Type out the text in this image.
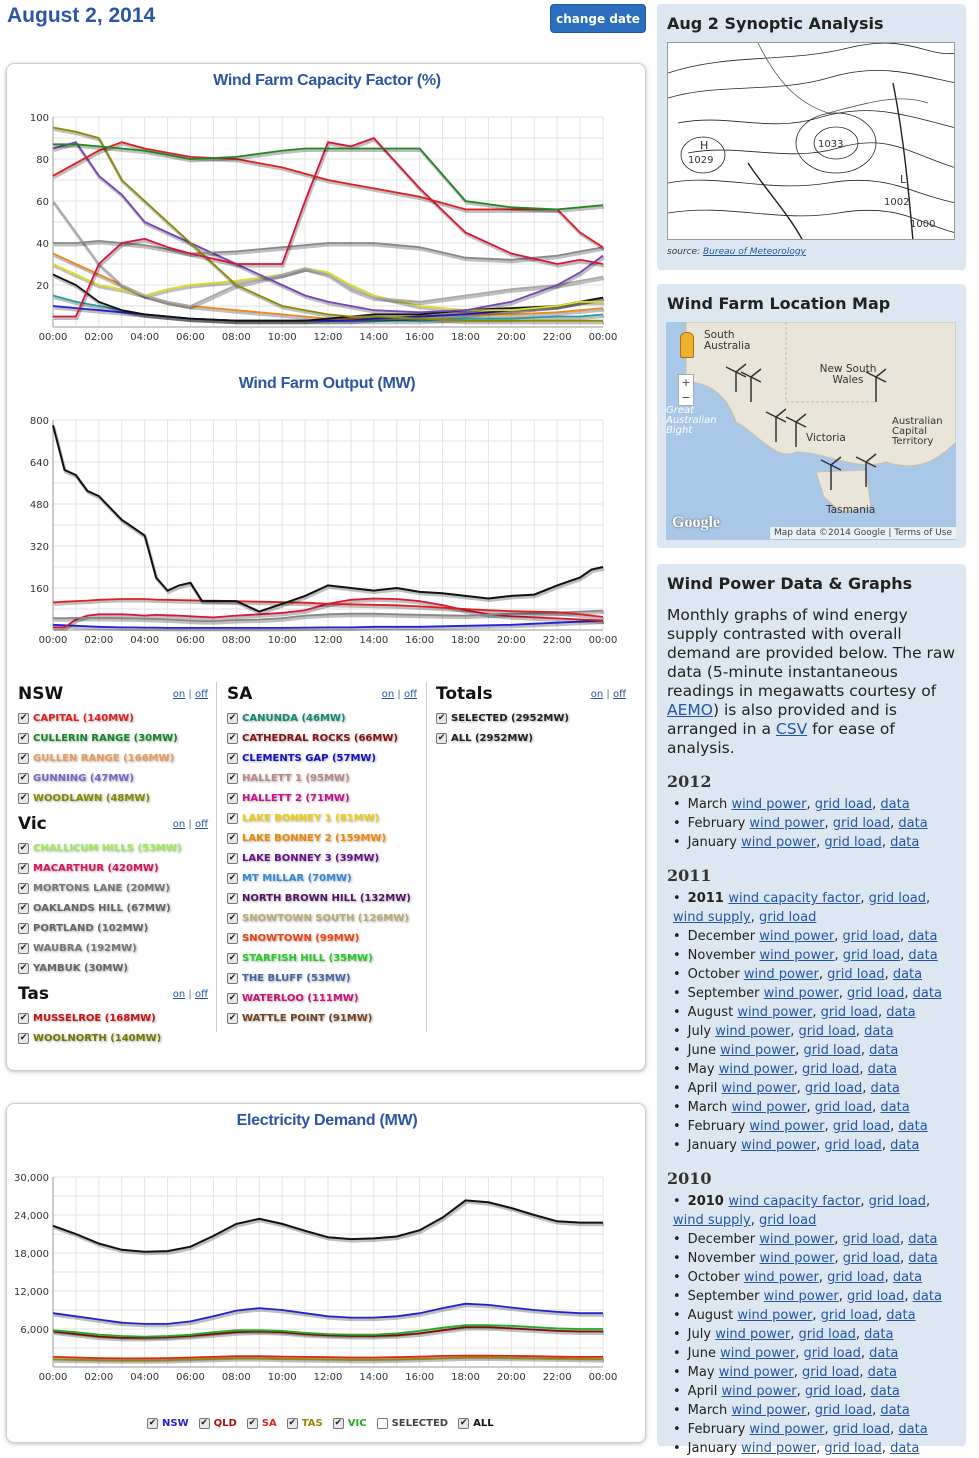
August 2, 2014	change date
Wind Farm Capacity Factor (%)
100
80
60
40
20
00:00 02:00 04:00 06:00 08:00 10:00 12:00 14:00 16:00 18:00 20:00 22:00 00:00
Wind Farm Output (MW)
800
640
480
320
160
00:00 02:00 04:00 06:00 08:00 10:00 12:00 14:00 16:00 18:00 20:00 22:00 00:00
NSW	on | off
✔ CAPITAL (140MW)
✔ CULLERIN RANGE (30MW)
✔ GULLEN RANGE (166MW)
✔ GUNNING (47MW)
✔ WOODLAWN (48MW)
Vic	on | off
✔ CHALLICUM HILLS (53MW)
✔ MACARTHUR (420MW)
✔ MORTONS LANE (20MW)
✔ OAKLANDS HILL (67MW)
✔ PORTLAND (102MW)
✔ WAUBRA (192MW)
✔ YAMBUK (30MW)
Tas	on | off
✔ MUSSELROE (168MW)
✔ WOOLNORTH (140MW)
SA	on | off
✔ CANUNDA (46MW)
✔ CATHEDRAL ROCKS (66MW)
✔ CLEMENTS GAP (57MW)
✔ HALLETT 1 (95MW)
✔ HALLETT 2 (71MW)
✔ LAKE BONNEY 1 (81MW)
✔ LAKE BONNEY 2 (159MW)
✔ LAKE BONNEY 3 (39MW)
✔ MT MILLAR (70MW)
✔ NORTH BROWN HILL (132MW)
✔ SNOWTOWN SOUTH (126MW)
✔ SNOWTOWN (99MW)
✔ STARFISH HILL (35MW)
✔ THE BLUFF (53MW)
✔ WATERLOO (111MW)
✔ WATTLE POINT (91MW)
Totals	on | off
✔ SELECTED (2952MW)
✔ ALL (2952MW)
Electricity Demand (MW)
30,000
24,000
18,000
12,000
6,000
00:00 02:00 04:00 06:00 08:00 10:00 12:00 14:00 16:00 18:00 20:00 22:00 00:00
✔ NSW ✔ QLD ✔ SA ✔ TAS ✔ VIC	SELECTED ✔ ALL
Aug 2 Synoptic Analysis
H
1029
1033
1002
1000
L
source: Bureau of Meteorology
Wind Farm Location Map
+
−
South Australia
New South Wales
Victoria
Australian Capital Territory
Tasmania
Great Australian Bight
Google
Map data ©2014 Google | Terms of Use
Wind Power Data & Graphs
Monthly graphs of wind energy supply contrasted with overall demand are provided below. The raw data (5-minute instantaneous readings in megawatts courtesy of AEMO) is also provided and is arranged in a CSV for ease of analysis.
2012
• March wind power, grid load, data
• February wind power, grid load, data
• January wind power, grid load, data
2011
• 2011 wind capacity factor, grid load, wind supply, grid load
• December wind power, grid load, data
• November wind power, grid load, data
• October wind power, grid load, data
• September wind power, grid load, data
• August wind power, grid load, data
• July wind power, grid load, data
• June wind power, grid load, data
• May wind power, grid load, data
• April wind power, grid load, data
• March wind power, grid load, data
• February wind power, grid load, data
• January wind power, grid load, data
2010
• 2010 wind capacity factor, grid load, wind supply, grid load
• December wind power, grid load, data
• November wind power, grid load, data
• October wind power, grid load, data
• September wind power, grid load, data
• August wind power, grid load, data
• July wind power, grid load, data
• June wind power, grid load, data
• May wind power, grid load, data
• April wind power, grid load, data
• March wind power, grid load, data
• February wind power, grid load, data
• January wind power, grid load, data
